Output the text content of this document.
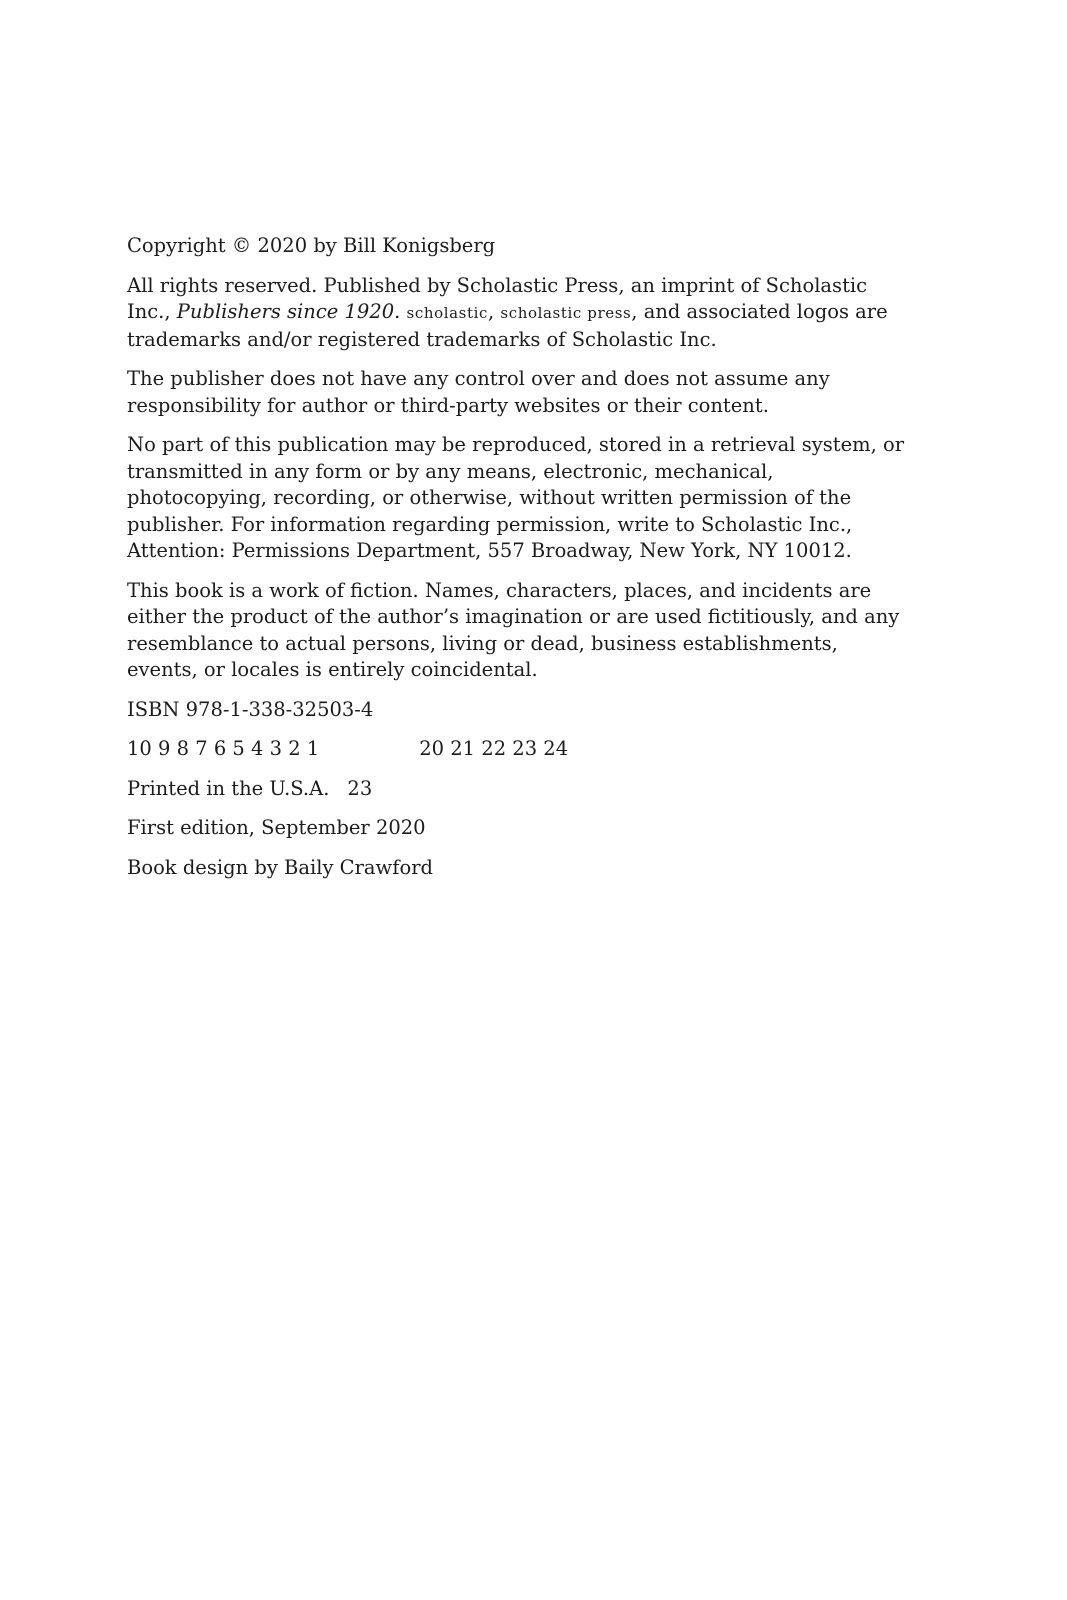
Copyright © 2020 by Bill Konigsberg

All rights reserved. Published by Scholastic Press, an imprint of Scholastic Inc., Publishers since 1920. scholastic, scholastic press, and associated logos are trademarks and/or registered trademarks of Scholastic Inc.

The publisher does not have any control over and does not assume any responsibility for author or third-party websites or their content.

No part of this publication may be reproduced, stored in a retrieval system, or transmitted in any form or by any means, electronic, mechanical, photocopying, recording, or otherwise, without written permission of the publisher. For information regarding permission, write to Scholastic Inc., Attention: Permissions Department, 557 Broadway, New York, NY 10012.

This book is a work of fiction. Names, characters, places, and incidents are either the product of the author’s imagination or are used fictitiously, and any resemblance to actual persons, living or dead, business establishments, events, or locales is entirely coincidental.

ISBN 978-1-338-32503-4

10 9 8 7 6 5 4 3 2 1	20 21 22 23 24

Printed in the U.S.A. 23

First edition, September 2020

Book design by Baily Crawford
